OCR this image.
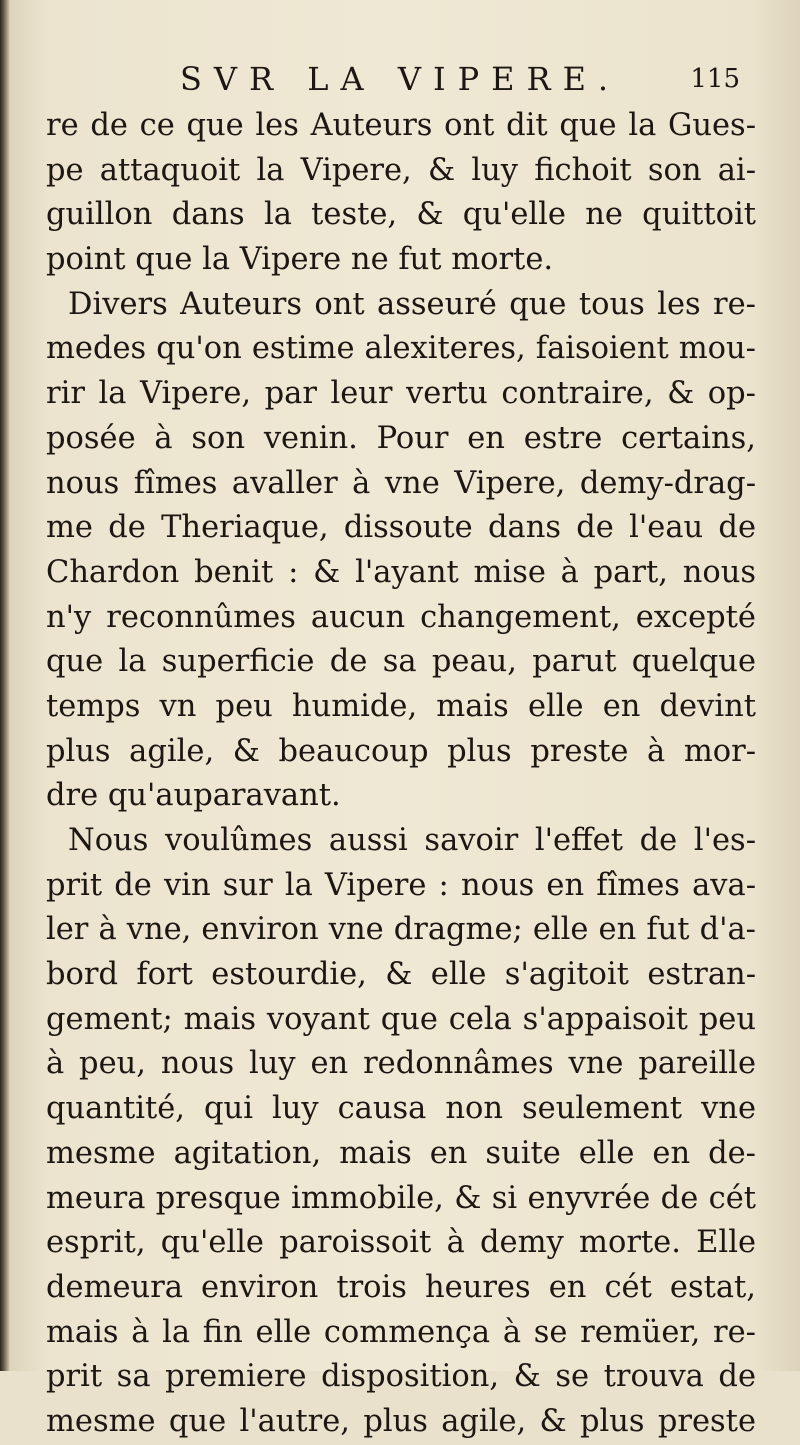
SVR LA VIPERE.	115
re de ce que les Auteurs ont dit que la Gues-
pe attaquoit la Vipere, & luy fichoit son ai-
guillon dans la teste, & qu'elle ne quittoit
point que la Vipere ne fut morte.
Divers Auteurs ont asseuré que tous les re-
medes qu'on estime alexiteres, faisoient mou-
rir la Vipere, par leur vertu contraire, & op-
posée à son venin. Pour en estre certains,
nous fîmes avaller à vne Vipere, demy-drag-
me de Theriaque, dissoute dans de l'eau de
Chardon benit : & l'ayant mise à part, nous
n'y reconnûmes aucun changement, excepté
que la superficie de sa peau, parut quelque
temps vn peu humide, mais elle en devint
plus agile, & beaucoup plus preste à mor-
dre qu'auparavant.
Nous voulûmes aussi savoir l'effet de l'es-
prit de vin sur la Vipere : nous en fîmes ava-
ler à vne, environ vne dragme; elle en fut d'a-
bord fort estourdie, & elle s'agitoit estran-
gement; mais voyant que cela s'appaisoit peu
à peu, nous luy en redonnâmes vne pareille
quantité, qui luy causa non seulement vne
mesme agitation, mais en suite elle en de-
meura presque immobile, & si enyvrée de cét
esprit, qu'elle paroissoit à demy morte. Elle
demeura environ trois heures en cét estat,
mais à la fin elle commença à se remüer, re-
prit sa premiere disposition, & se trouva de
mesme que l'autre, plus agile, & plus preste
